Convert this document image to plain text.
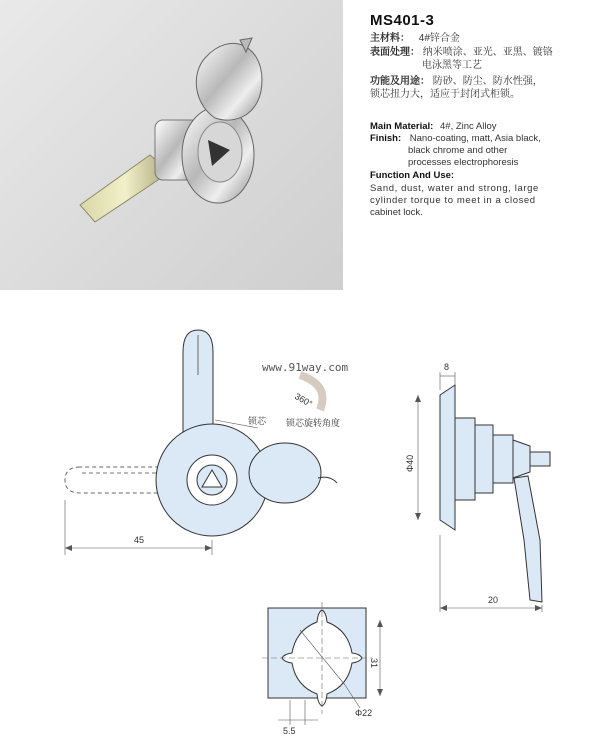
MS401-3
主材料： 4#锌合金
表面处理： 纳米喷涂、亚光、亚黑、镀铬
电泳黑等工艺
功能及用途： 防砂、防尘、防水性强，
锁芯扭力大，适应于封闭式柜锁。
Main Material: 4#, Zinc Alloy
Finish: Nano-coating, matt, Asia black,
black chrome and other
processes electrophoresis
Function And Use:
Sand, dust, water and strong, large
cylinder torque to meet in a closed
cabinet lock.
45
8
Φ40
20
31
Φ22
5.5
锁芯 锁芯旋转角度
360°
www.91way.com
